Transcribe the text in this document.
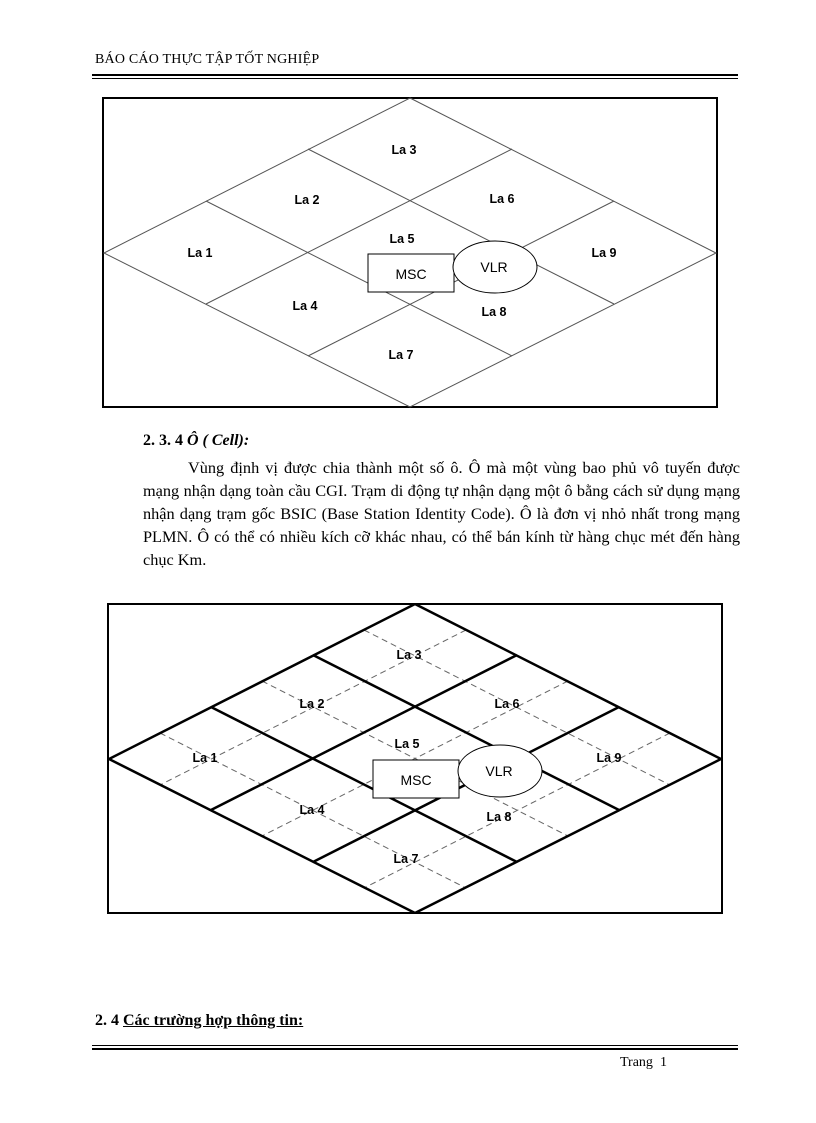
BÁO CÁO THỰC TẬP TỐT NGHIỆP
MSC	VLR
La 1
La 2
La 3
La 4
La 5
La 6
La 7
La 8
La 9
2. 3. 4 Ô ( Cell):
Vùng định vị được chia thành một số ô. Ô mà một vùng bao phủ vô tuyến được mạng nhận dạng toàn cầu CGI. Trạm di động tự nhận dạng một ô bằng cách sử dụng mạng nhận dạng trạm gốc BSIC (Base Station Identity Code). Ô là đơn vị nhỏ nhất trong mạng PLMN. Ô có thể có nhiều kích cỡ khác nhau, có thể bán kính từ hàng chục mét đến hàng chục Km.
MSC
VLR
La 1
La 2
La 3
La 4
La 5
La 6
La 7
La 8
La 9
2. 4 Các trường hợp thông tin:
Trang 1
